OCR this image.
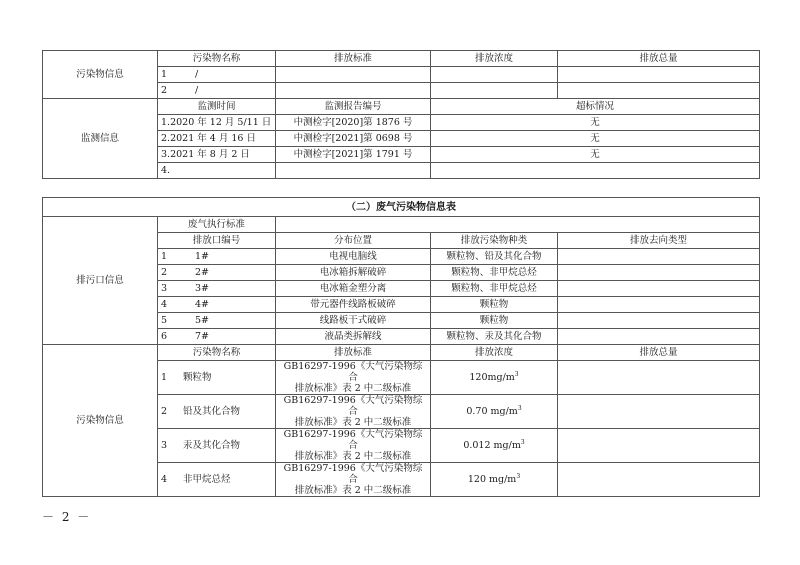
污染物信息	污染物名称	排放标准	排放浓度	排放总量
	1 /			
	2 /			
监测信息	监测时间	监测报告编号	超标情况	
	1.2020 年 12 月 5/11 日	中测检字[2020]第 1876 号	无	
	2.2021 年 4 月 16 日	中测检字[2021]第 0698 号	无	
	3.2021 年 8 月 2 日	中测检字[2021]第 1791 号	无	
	4.			
（二）废气污染物信息表				
排污口信息	废气执行标准			
	排放口编号	分布位置	排放污染物种类	排放去向类型
	1 1#	电视电脑线	颗粒物、铅及其化合物	
	2 2#	电冰箱拆解破碎	颗粒物、非甲烷总烃	
	3 3#	电冰箱金塑分离	颗粒物、非甲烷总烃	
	4 4#	带元器件线路板破碎	颗粒物	
	5 5#	线路板干式破碎	颗粒物	
	6 7#	液晶类拆解线	颗粒物、汞及其化合物	
污染物信息	污染物名称	排放标准	排放浓度	排放总量
	1 颗粒物	GB16297-1996《大气污染物综合
排放标准》表 2 中二级标准	$120mg/m^3$	
	2 铅及其化合物	GB16297-1996《大气污染物综合
排放标准》表 2 中二级标准	0.70 $mg/m^3$	
	3 汞及其化合物	GB16297-1996《大气污染物综合
排放标准》表 2 中二级标准	0.012 $mg/m^3$	
	4 非甲烷总烃	GB16297-1996《大气污染物综合
排放标准》表 2 中二级标准	120 $mg/m^3$	
－ 2 －
